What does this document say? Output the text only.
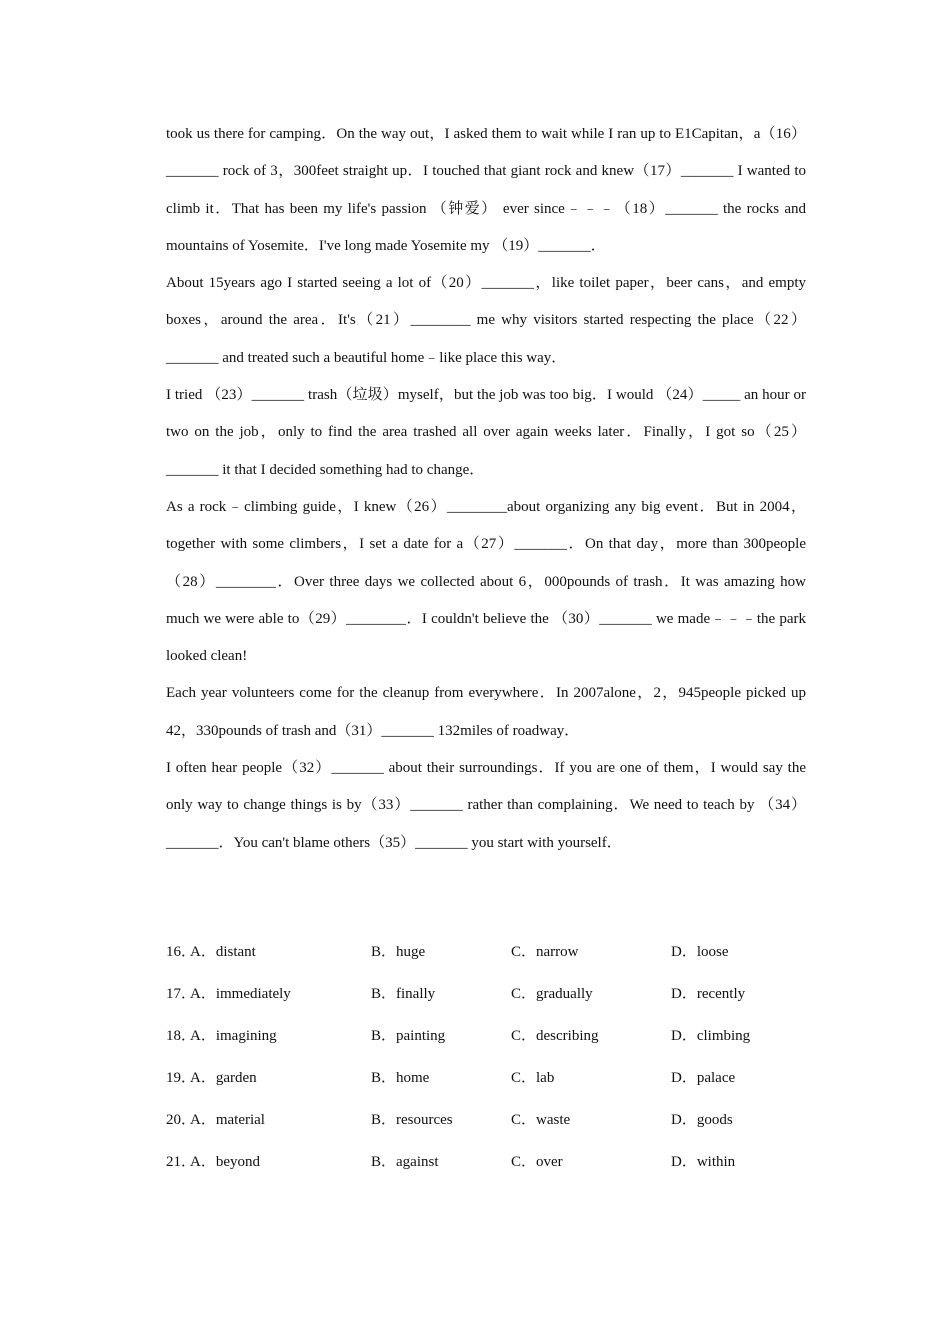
took us there for camping．On the way out，I asked them to wait while I ran up to E1Capitan，a（16）_______ rock of 3，300feet straight up．I touched that giant rock and knew（17）_______ I wanted to climb it．That has been my life's passion （钟爱） ever since﹣﹣﹣（18）_______ the rocks and mountains of Yosemite．I've long made Yosemite my （19）_______．
About 15years ago I started seeing a lot of（20）_______，like toilet paper，beer cans，and empty boxes，around the area．It's（21）________ me why visitors started respecting the place（22）_______ and treated such a beautiful home﹣like place this way．
I tried （23）_______ trash（垃圾）myself，but the job was too big．I would （24）_____ an hour or two on the job，only to find the area trashed all over again weeks later．Finally，I got so（25）_______ it that I decided something had to change．
As a rock﹣climbing guide，I knew（26）________about organizing any big event．But in 2004，together with some climbers，I set a date for a（27）_______．On that day，more than 300people （28）________．Over three days we collected about 6，000pounds of trash．It was amazing how much we were able to（29）________．I couldn't believe the （30）_______ we made﹣﹣﹣the park looked clean!
Each year volunteers come for the cleanup from everywhere．In 2007alone，2，945people picked up 42，330pounds of trash and（31）_______ 132miles of roadway．
I often hear people（32）_______ about their surroundings．If you are one of them，I would say the only way to change things is by（33）_______ rather than complaining．We need to teach by （34）_______．You can't blame others（35）_______ you start with yourself．
16．
A．distant	B．huge	C．narrow	D．loose
17．
A．immediately	B．finally	C．gradually	D．recently
18．
A．imagining	B．painting	C．describing	D．climbing
19．
A．garden	B．home	C．lab	D．palace
20．
A．material	B．resources	C．waste	D．goods
21．
A．beyond	B．against	C．over	D．within
